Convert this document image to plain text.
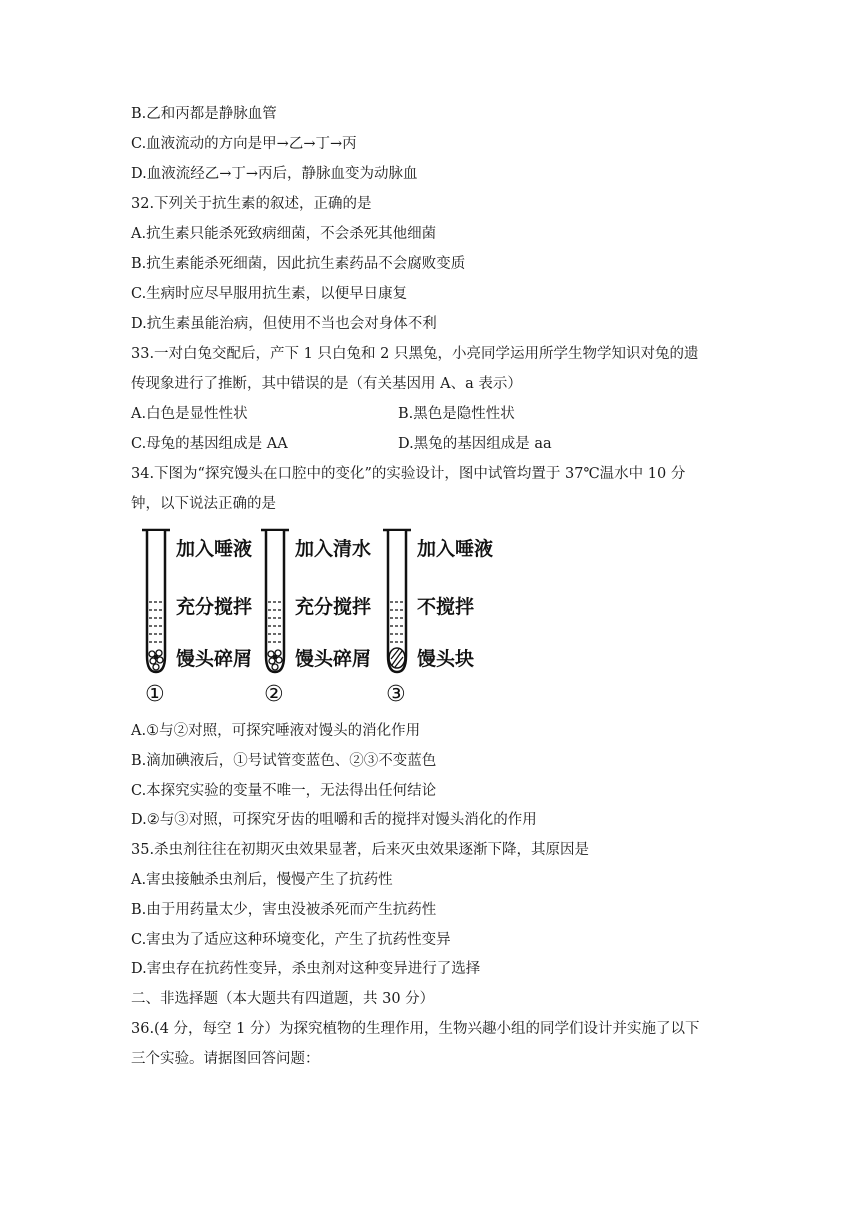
B.乙和丙都是静脉血管
C.血液流动的方向是甲→乙→丁→丙
D.血液流经乙→丁→丙后，静脉血变为动脉血
32.下列关于抗生素的叙述，正确的是
A.抗生素只能杀死致病细菌，不会杀死其他细菌
B.抗生素能杀死细菌，因此抗生素药品不会腐败变质
C.生病时应尽早服用抗生素，以便早日康复
D.抗生素虽能治病，但使用不当也会对身体不利
33.一对白兔交配后，产下 1 只白兔和 2 只黑兔，小亮同学运用所学生物学知识对兔的遗
传现象进行了推断，其中错误的是（有关基因用 A、a 表示）
A.白色是显性性状	B.黑色是隐性性状
C.母兔的基因组成是 AA	D.黑兔的基因组成是 aa
34.下图为“探究馒头在口腔中的变化”的实验设计，图中试管均置于 37℃温水中 10 分
钟，以下说法正确的是
加入唾液
充分搅拌
馒头碎屑
①
加入清水
充分搅拌
馒头碎屑
②
加入唾液
不搅拌
馒头块
③
A.①与②对照，可探究唾液对馒头的消化作用
B.滴加碘液后，①号试管变蓝色、②③不变蓝色
C.本探究实验的变量不唯一，无法得出任何结论
D.②与③对照，可探究牙齿的咀嚼和舌的搅拌对馒头消化的作用
35.杀虫剂往往在初期灭虫效果显著，后来灭虫效果逐渐下降，其原因是
A.害虫接触杀虫剂后，慢慢产生了抗药性
B.由于用药量太少，害虫没被杀死而产生抗药性
C.害虫为了适应这种环境变化，产生了抗药性变异
D.害虫存在抗药性变异，杀虫剂对这种变异进行了选择
二、非选择题（本大题共有四道题，共 30 分）
36.(4 分，每空 1 分）为探究植物的生理作用，生物兴趣小组的同学们设计并实施了以下
三个实验。请据图回答问题：
